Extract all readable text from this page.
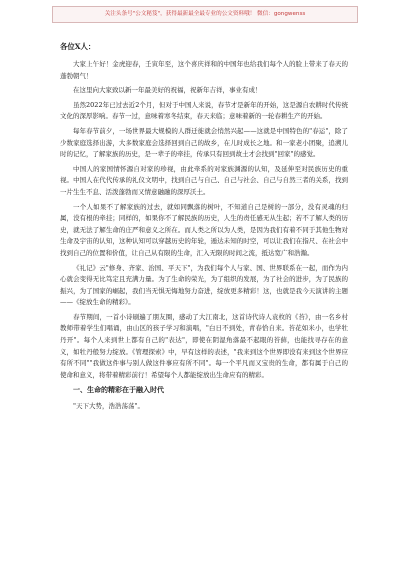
关注头条号"公文秘笈"，获得最新最全最专业的公文资料哦！ 微信：gongwenss

各位X人：

大家上午好！金虎迎春，壬寅年至，这个喜庆祥和的中国年也给我们每个人的脸上带来了春天的蓬勃朝气！

在这里向大家致以新一年最美好的祝福，祝新年吉祥，事业有成！

虽然2022年已过去近2个月，但对于中国人来说，春节才是新年的开始，这是源自农耕时代传统文化的深厚影响。春节一过，意味着寒冬结束，春天来临；意味着新的一轮春耕生产的开始。

每年春节前夕，一场世界最大规模的人群迁徙就会悄然兴起——这就是中国特色的"春运"，除了少数家庭选择出游，大多数家庭会选择回到自己的故乡，在儿时成长之地。和一家老小团聚，追溯儿时的记忆，了解家族的历史，是一辈子的牵挂，传承只有回到故土才会找到"回家"的感觉。

中国人的家国情怀源自对家的珍视，由此牵系的对家族渊源的认知，及延伸至对民族历史的重视。中国人在代代传承的礼仪文明中，找到自己与自己、自己与社会、自己与自然三者的关系，找到一片生生不息、活泼蓬勃而又情意融融的深厚沃土。

一个人如果不了解家族的过去，就如同飘落的树叶，不知道自己是树的一部分，没有灵魂的归属，没有根的牵挂；同样的，如果你不了解民族的历史，人生的责任感无从生起；若不了解人类的历史，就无法了解生命的庄严和意义之所在。而人类之所以为人类，是因为我们有着不同于其他生物对生命及宇宙的认知，这种认知可以穿越历史的年轮，遁达未知的时空，可以让我们在指尺、在社会中找到自己的位置和价值，让自己从有限的生命，汇入无限的时间之流，抵达宽广和浩瀚。

《礼记》云"修身、齐家、治国、平天下"，为我们每个人与家、国、世界联系在一起，而作为内心就会变得无比笃定且充满力量。为了生命的荣光，为了组织的发展，为了社会的进步，为了民族的振兴，为了国家的崛起，我们当无惧无悔地努力奋进，绽放更多精彩！这，也就是我今天演讲的主题——《绽放生命的精彩》。

春节期间，一首小诗刷遍了朋友圈，感动了大江南北，这首诗代诗人袁枚的《苔》，由一名乡村教师带着学生们唱诵，由山区的孩子学习和演唱，"白日不到处，青春恰自来。苔花如米小，也学牡丹开"。每个人来到世上都有自己的"表达"，即使在阴湿角落最不起眼的苔藓，也能找寻存在的意义，如牡丹般努力绽放。《管理探索》中，早有这样的表述，"我来到这个世界即没有来到这个世界应有所不同""我做这件事与别人做这件事应有所不同"。每一个平凡而又宝贵的生命，都有属于自己的使命和意义，将带着精彩前行！希望每个人都能绽放出生命应有的精彩。

一、生命的精彩在于融入时代

"天下大势，浩浩荡荡"。
